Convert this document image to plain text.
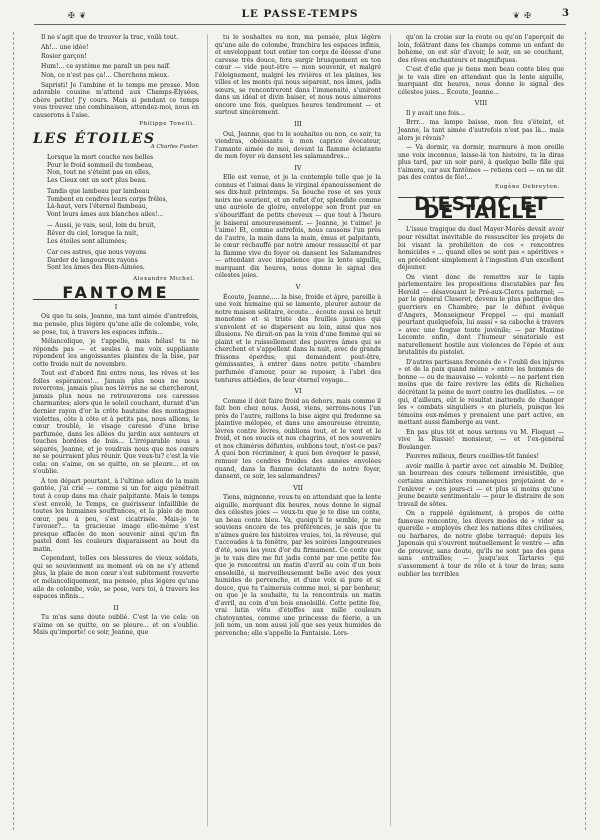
✠ ❦	LE PASSE-TEMPS	❦ ✠	3

Il ne s'agit que de trouver la truc, voilà tout.

Ah!... une idée!

Rosier garçon!

Hum!... ce système me paraît un peu naïf.

Non, ce n'est pas ça!... Cherchons mieux.

Sapristi! Je l'ambine et le temps me presse. Mon adorable cousine m'attend aux Champs-Élysées, chère petite! J'y cours. Mais si pendant ce temps vous trouvez une combinaison, attendez-moi, nous en causerons à l'aise.

Philippe Tonelli.
LES ÉTOILES
A Charles Fuster.
Lorsque la mort couche nos belles
Pour le froid sommeil du tombeau,
Non, tout ne s'éteint pas en elles,
Les Cieux ont un sort plus beau.
Tandis que lambeau par lambeau
Tombent en cendres leurs corps frêles,
Là-haut, vers l'éternel flambeau,
Vont leurs âmes aux blanches ailes!...
— Aussi, je vais, seul, loin du bruit,
Rêver du ciel, lorsque la nuit,
Les étoiles sont allumées;
Car ces astres, que nous voyons
Darder de langoureux rayons
Sont les âmes des Bien-Aimées.
Alexandre Michel.
FANTOME
I

Où que tu sois, Jeanne, ma tant aimée d'antrefois, ma pensée, plus légère qu'une aile de colombe, vole, se pose, toi, à travers les espaces infinis...

Mélancolique, je t'appelle, mais hélas! tu ne réponds pas — et seules à ma voix suppliante répondent les angoissantes plaintes de la bise, par cette froide nuit de novembre.

Tout est d'abord fini entre nous, les rêves et les folles espérances!... Jamais plus nous ne nous reverrons, jamais plus nos lèvres ne se chercheront, jamais plus nous ne retrouverons ces caresses charmantes; alors que le soleil couchant, durant d'un dernier rayon d'or la crête hautaine des montagnes violettes, côte à côte et à petits pas, nous allions, le cœur troublé, le visage caressé d'une brise parfumée, dans les allées du jardin aux senteurs et touches bordées de buis... L'irréparable nous a séparés, Jeanne, et je voudrais nous que nos cœurs ne se pourraient plus réunir. Que veux-tu? c'est la vie cela: on s'aime, on se quitte, on se pleure... et on s'oublie.

À ton départ pourtant, à l'ultime adieu de la main gantée, j'ai crié — comme si un for aigu pénétrait tout à coup dans ma chair palpitante. Mais le temps s'est envolé, le Temps, ce guérisseur infaillible de toutes les humaines souffrances, et la plaie de mon cœur, peu à peu, s'est cicatrisée. Mais-je te l'avouer?... ta gracieuse image elle-même s'est presque effacée de mon souvenir ainsi qu'un fin pastel dont les couleurs disparaissent au bout du matin.

Cependant, telles ces blessures de vieux soldats, qui se souviennent au moment où on ne s'y attend plus, la plaie de mon cœur s'est subitement rouverte et mélancoliquement, ma pensée, plus légère qu'une aile de colombe, vole, se pose, vers toi, à travers les espaces infinis...

II

Tu m'as sans doute oublié. C'est la vie cela: on s'aime on se quitte, on se pleure... et on s'oublie. Mais qu'importe! ce soir, Jeanne, que

tu le souhaites ou non, ma pensée, plus légère qu'une aile de colombe, franchira les espaces infinis, et enveloppant tout entier ton corps de déesse d'une caresse très douce, fera surgir brusquement en ton cœur — vide peut-être — mon souvenir, et malgré l'éloignement, malgré les rivières et les plaines, les villes et les monts qui nous séparent, nos âmes, jadis sœurs, se rencontreront dans l'immensité, s'uniront dans un idéal et divin baiser, et nous nous aimerons encore une fois, quelques heures tendrement — et surtout sincèrement.

III

Oui, Jeanne, que tu le souhaites ou non, ce soir, tu viendras, obéissante à mon caprice évocateur, l'amante aimée de moi, devant la flamme éclatante de mon foyer où dansent les salamandres...

IV

Elle est venue, et je la contemple telle que je la connus et l'aimai dans le virginal épanouissement de ses dix-huit printemps. Sa bouche rose et ses yeux noirs me sourient, et un reflet d'or, splendide comme une auréole de gloire, enveloppe son front pur en s'ébouriffant de petits cheveux — que tout à l'heure je baiserai amoureusement. — Jeanne, je t'aime! je t'aime! Et, comme autrefois, nous causons l'un près de l'autre, la main dans la main, émus et palpitants, le cœur réchauffé par notre amour ressuscité et par la flamme vive du foyer où dansent les Salamandres — attendant avec impatience que la lente aiguille, marquant dix heures, nous donne le signal des célestes joies.

V

Écoute, Jeanne..... la bise, froide et âpre, pareille à une voix humaine qui se lamente, pleurer autour de notre maison solitaire, écoute... écoute aussi ce bruit monotone et si triste des feuilles jaunies qui s'envolent et se dispersent au loin, ainsi que nos illusions. Ne dirait-on pas la voix d'une femme qui se plaint et le ruissellement des pauvres âmes qui se cherchent et s'appellent dans la nuit, avec de grands frissons éperdus; qui demandent peut-être, gémissantes, à entrer dans notre petite chambre parfumée d'amour, pour se reposer, à l'abri des tentures attiédies, de leur éternel voyage...

VI

Comme il doit faire froid au dehors, mais comme il fait bon chez nous. Aussi, viens, serrons-nous l'un près de l'autre, raillons la bise aigre qui fredonne sa plaintive mélopée, et dans une amoureuse étreinte, lèvres contre lèvres, oublions tout, et le vent et le froid, et nos soucis et nos chagrins, et nos souvenirs et nos chimères défuntes, oublions tout, n'est-ce pas? À quoi bon récriminer, à quoi bon évoquer le passé, remuer les cendres froides des années envolées quand, dans la flamme éclatante de notre foyer, dansent, ce soir, les salamandres?

VII

Tiens, mignonne, veux-tu en attendant que la lente aiguille, marquant dix heures, nous donne le signal des célestes joies — veux-tu que je te dise un conte, un beau conte bleu. Va, quoiqu'il te semble, je me souviens encore de tes préférences, je sais que tu n'aimes guère les histoires vraies, toi, la rêveuse, qui t'accoudes à ta fenêtre, par les soirées langoureuses d'été, sous les yeux d'or du firmament. Ce conte que je te vais dire me fut jadis conté par une petite fée que je rencontrai un matin d'avril au coin d'un bois ensoleillé, si merveilleusement belle avec des yeux humides de pervenche, et d'une voix si pure et si douce, que tu t'aimerais comme moi, si par bonheur, ou que je la souhaite, tu la rencontrais un matin d'avril, au coin d'un bois ensoleillé. Cette petite fée, vrai lutin vêtu d'étoffes aux mille couleurs chatoyantes, comme une princesse de féerie, a un joli nom, un nom aussi joli que ses yeux humides de pervenche; elle s'appelle la Fantaisie. Lors-

qu'on la croise sur la route ou qu'on l'aperçoit de loin, folâtrant dans les champs comme un enfant de bohème, on est sûr d'avoir, le soir, en se couchant, des rêves enchanteurs et magnifiques.

C'est d'elle que je tiens mon beau conte bleu que je te vais dire en attendant que la lente aiguille, marquant dix heures, nous donne le signal des célestes joies... Écoute, Jeanne...

VIII

Il y avait une fois...

Brrr... ma lampe baisse, mon feu s'éteint, et Jeanne, la tant aimée d'autrefois n'est pas là... mais alors je rêvais?

— Va dormir, va dormir, murmure à mon oreille une voix inconnue, laisse-là ton histoire, tu la diras plus tard, par un soir paré, à quelque belle fille qui t'aimera, car aux fantômes — retiens ceci — on ne dit pas des contes de fée!...

Eugène Debreyton.
D'ESTOC ET DE TAILLE

L'issue tragique du duel Mayer-Morès devait avoir pour résultat inévitable de ressusciter les projets de loi visant la prohibition de ces « rencontres homicides » ... quand elles se sont pas « apéritives » en précédent simplement à l'ingestion d'un excellent déjeuner.

On vient donc de remettre sur le tapis parlementaire les propositions discutables par feu Herold — désavouant le Pré-aux-Clercs paternel; — par le général Cluseret, devenu le plus pacifique des guerriers en Chambre; par le défunt évêque d'Angers, Monseigneur Freppel — qui maniait pourtant quelquefois, lui aussi « sa caboche à travers » avec une fougue toute juvénile; — par Maxime Lecomte enfin, dont l'humeur sénatoriale est naturellement hostile aux violences de l'épée et aux brutalités du pistolet.

D'autres partisans forcenés de « l'oubli des injures » et de la paix quand même » entre les hommes de bonne — ou de mauvaise — volonté — ne parlent rien moins que de faire revivre les édits de Richelieu décrétant la peine de mort contre les duellistes. — ce qui, d'ailleurs, eût le résultat inattendu de changer les « combats singuliers » en pluriels, puisque les témoins eux-mêmes y prenaient une part active, en mettant aussi flamberge au vent.

En pas plus tôt et nous serions vu M. Floquet — vive la Russie! monsieur, — et l'ex-général Boulanger.

Pauvres milieux, fleurs cueillies-tôt fanées!

avoir maille à partir avec cet aimable M. Deibler, un bourreau des cœurs tellement irrésistible, que certains anarchistes romanesques projetaient de « l'enlever » ces jours-ci — et plus si moins qu'une jeune beauté sentimentale — pour le distraire de son travail de sôtes.

On a rappelé également, à propos de cette fameuse rencontre, les divers modes de « vider sa querelle » employés chez les nations dites civilisées, ou barbares, de notre globe terraqué: depuis les Japonais qui s'ouvrent mutuellement le ventre — afin de prouver, sans doute, qu'ils ne sont pas des gens sans entrailles; — jusqu'aux Tartares qui s'assomment à tour de rôle et à tour de bras; sans oublier les terribles
